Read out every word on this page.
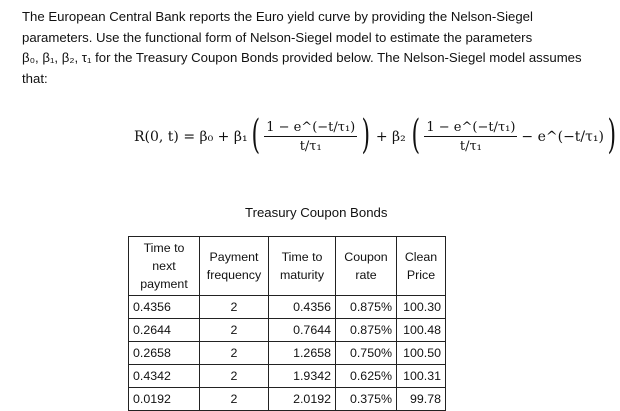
The European Central Bank reports the Euro yield curve by providing the Nelson-Siegel
parameters. Use the functional form of Nelson-Siegel model to estimate the parameters
β₀, β₁, β₂, τ₁ for the Treasury Coupon Bonds provided below. The Nelson-Siegel model assumes
that:
R(0, t) = β₀ + β₁ ( $\frac{\text{1 − e\textasciicircum{}(−t/τ₁)}}{\text{t/τ₁}}$ ) + β₂ ( $\frac{\text{1 − e\textasciicircum{}(−t/τ₁)}}{\text{t/τ₁}}$ − e^(−t/τ₁) )
Treasury Coupon Bonds
Time to next payment	Payment frequency	Time to maturity	Coupon rate	Clean Price
0.4356	2	0.4356	0.875%	100.30
0.2644	2	0.7644	0.875%	100.48
0.2658	2	1.2658	0.750%	100.50
0.4342	2	1.9342	0.625%	100.31
0.0192	2	2.0192	0.375%	99.78
